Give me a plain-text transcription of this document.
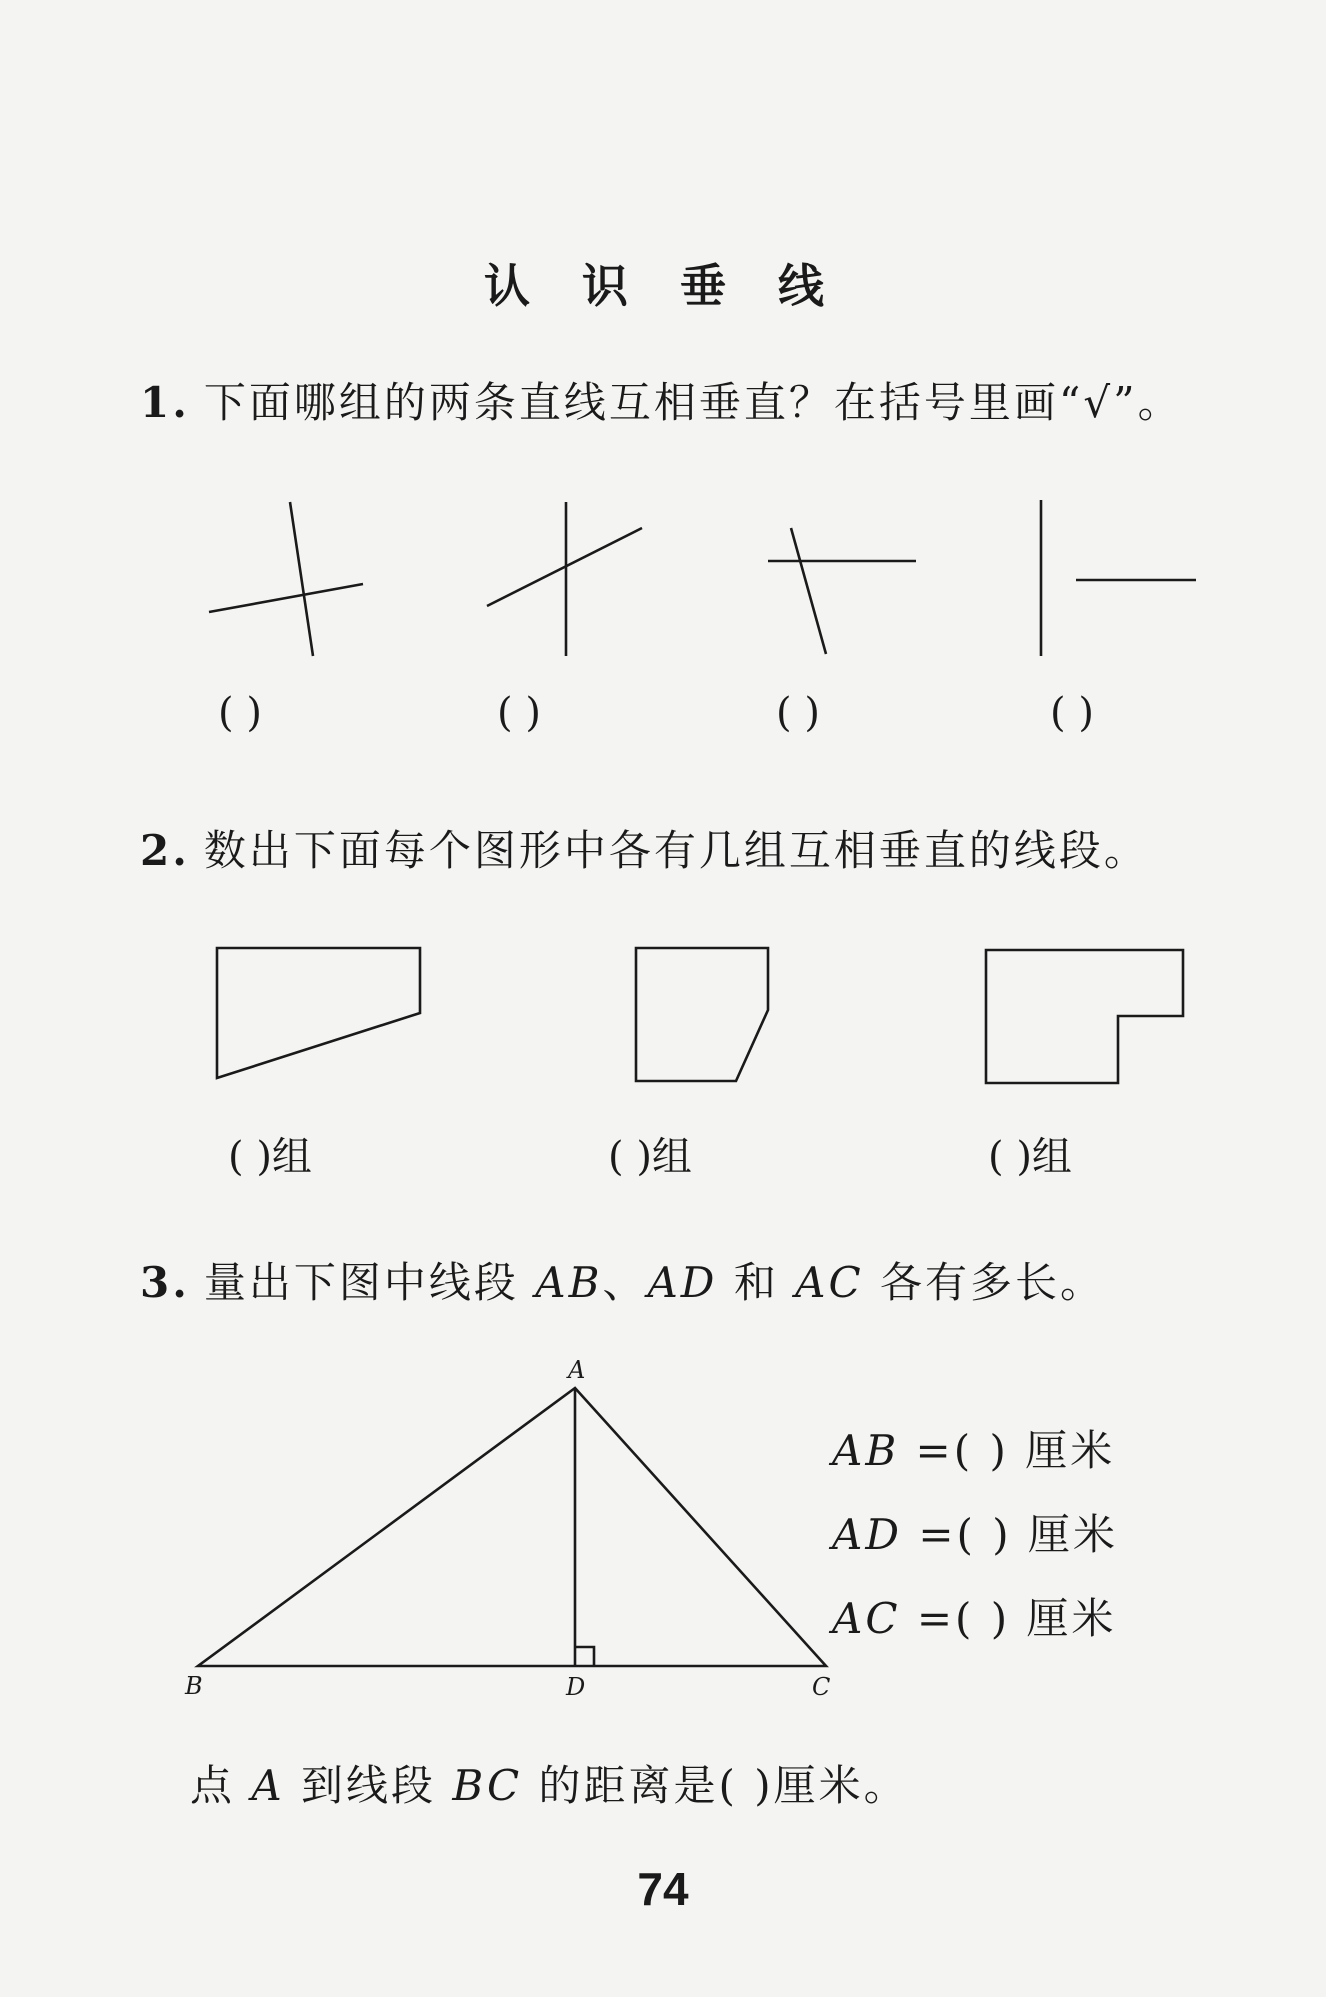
A
B	D	C
认 识 垂 线
1. 下面哪组的两条直线互相垂直？在括号里画“√”。
( )	( )	( )	( )
2. 数出下面每个图形中各有几组互相垂直的线段。
( )组	( )组	( )组
3. 量出下图中线段 AB、AD 和 AC 各有多长。
AB =( ) 厘米
AD =( ) 厘米
AC =( ) 厘米
点 A 到线段 BC 的距离是( )厘米。
74
